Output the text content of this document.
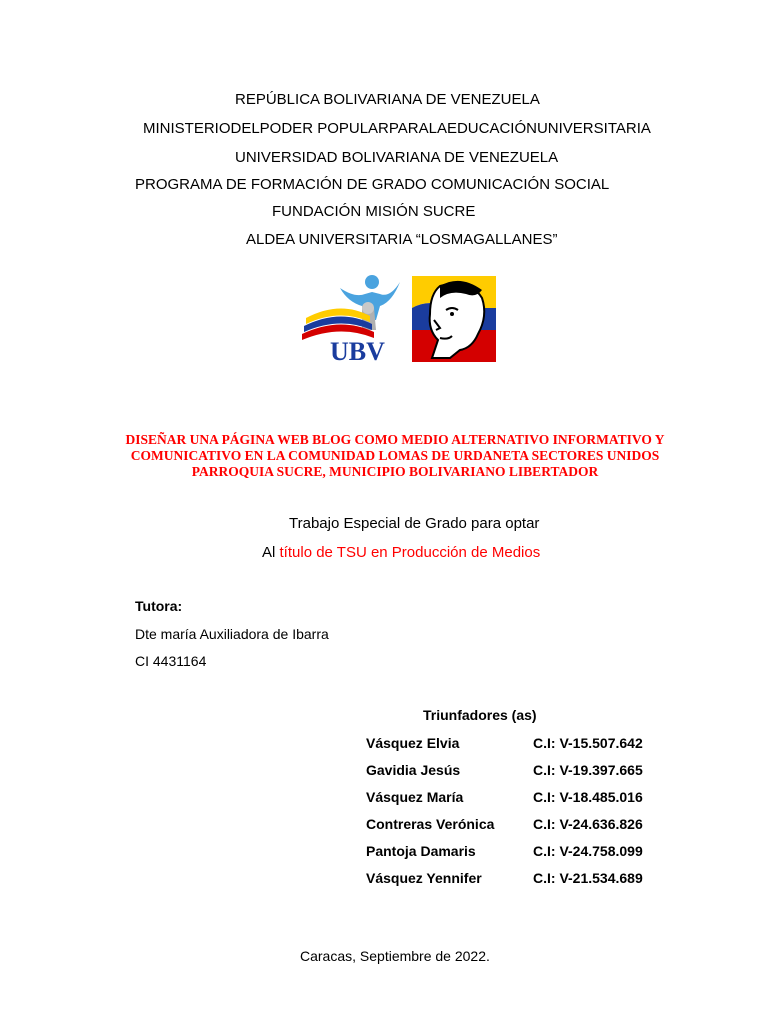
REPÚBLICA BOLIVARIANA DE VENEZUELA
MINISTERIODELPODER POPULARPARALAEDUCACIÓNUNIVERSITARIA
UNIVERSIDAD BOLIVARIANA DE VENEZUELA
PROGRAMA DE FORMACIÓN DE GRADO COMUNICACIÓN SOCIAL
FUNDACIÓN MISIÓN SUCRE
ALDEA UNIVERSITARIA “LOSMAGALLANES”
UBV
DISEÑAR UNA PÁGINA WEB BLOG COMO MEDIO ALTERNATIVO INFORMATIVO Y
COMUNICATIVO EN LA COMUNIDAD LOMAS DE URDANETA SECTORES UNIDOS
PARROQUIA SUCRE, MUNICIPIO BOLIVARIANO LIBERTADOR
Trabajo Especial de Grado para optar
Al título de TSU en Producción de Medios
Tutora:
Dte maría Auxiliadora de Ibarra
CI 4431164
Triunfadores (as)
Vásquez Elvia	C.I: V-15.507.642
Gavidia Jesús	C.I: V-19.397.665
Vásquez María	C.I: V-18.485.016
Contreras Verónica	C.I: V-24.636.826
Pantoja Damaris	C.I: V-24.758.099
Vásquez Yennifer	C.I: V-21.534.689
Caracas, Septiembre de 2022.
